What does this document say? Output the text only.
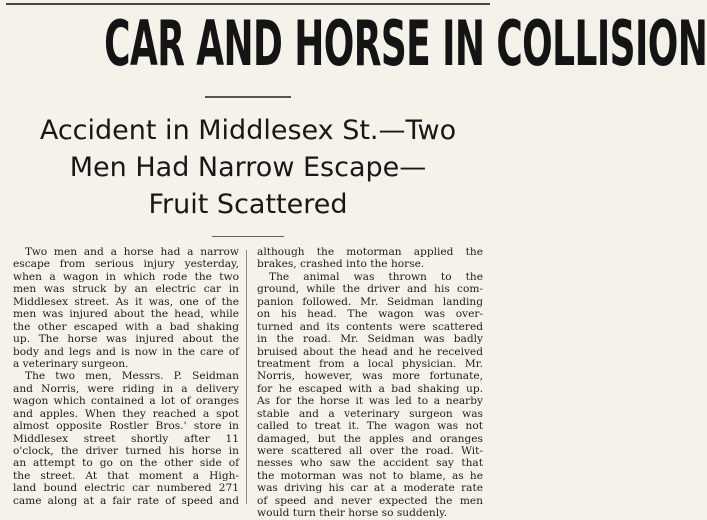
CAR AND HORSE IN COLLISION
Accident in Middlesex St.—Two
Men Had Narrow Escape—
Fruit Scattered
Two men and a horse had a narrow
escape from serious injury yesterday,
when a wagon in which rode the two
men was struck by an electric car in
Middlesex street. As it was, one of the
men was injured about the head, while
the other escaped with a bad shaking
up. The horse was injured about the
body and legs and is now in the care of
a veterinary surgeon.
The two men, Messrs. P. Seidman
and Norris, were riding in a delivery
wagon which contained a lot of oranges
and apples. When they reached a spot
almost opposite Rostler Bros.' store in
Middlesex street shortly after 11
o'clock, the driver turned his horse in
an attempt to go on the other side of
the street. At that moment a High-
land bound electric car numbered 271
came along at a fair rate of speed and
although the motorman applied the
brakes, crashed into the horse.
The animal was thrown to the
ground, while the driver and his com-
panion followed. Mr. Seidman landing
on his head. The wagon was over-
turned and its contents were scattered
in the road. Mr. Seidman was badly
bruised about the head and he received
treatment from a local physician. Mr.
Norris, however, was more fortunate,
for he escaped with a bad shaking up.
As for the horse it was led to a nearby
stable and a veterinary surgeon was
called to treat it. The wagon was not
damaged, but the apples and oranges
were scattered all over the road. Wit-
nesses who saw the accident say that
the motorman was not to blame, as he
was driving his car at a moderate rate
of speed and never expected the men
would turn their horse so suddenly.
